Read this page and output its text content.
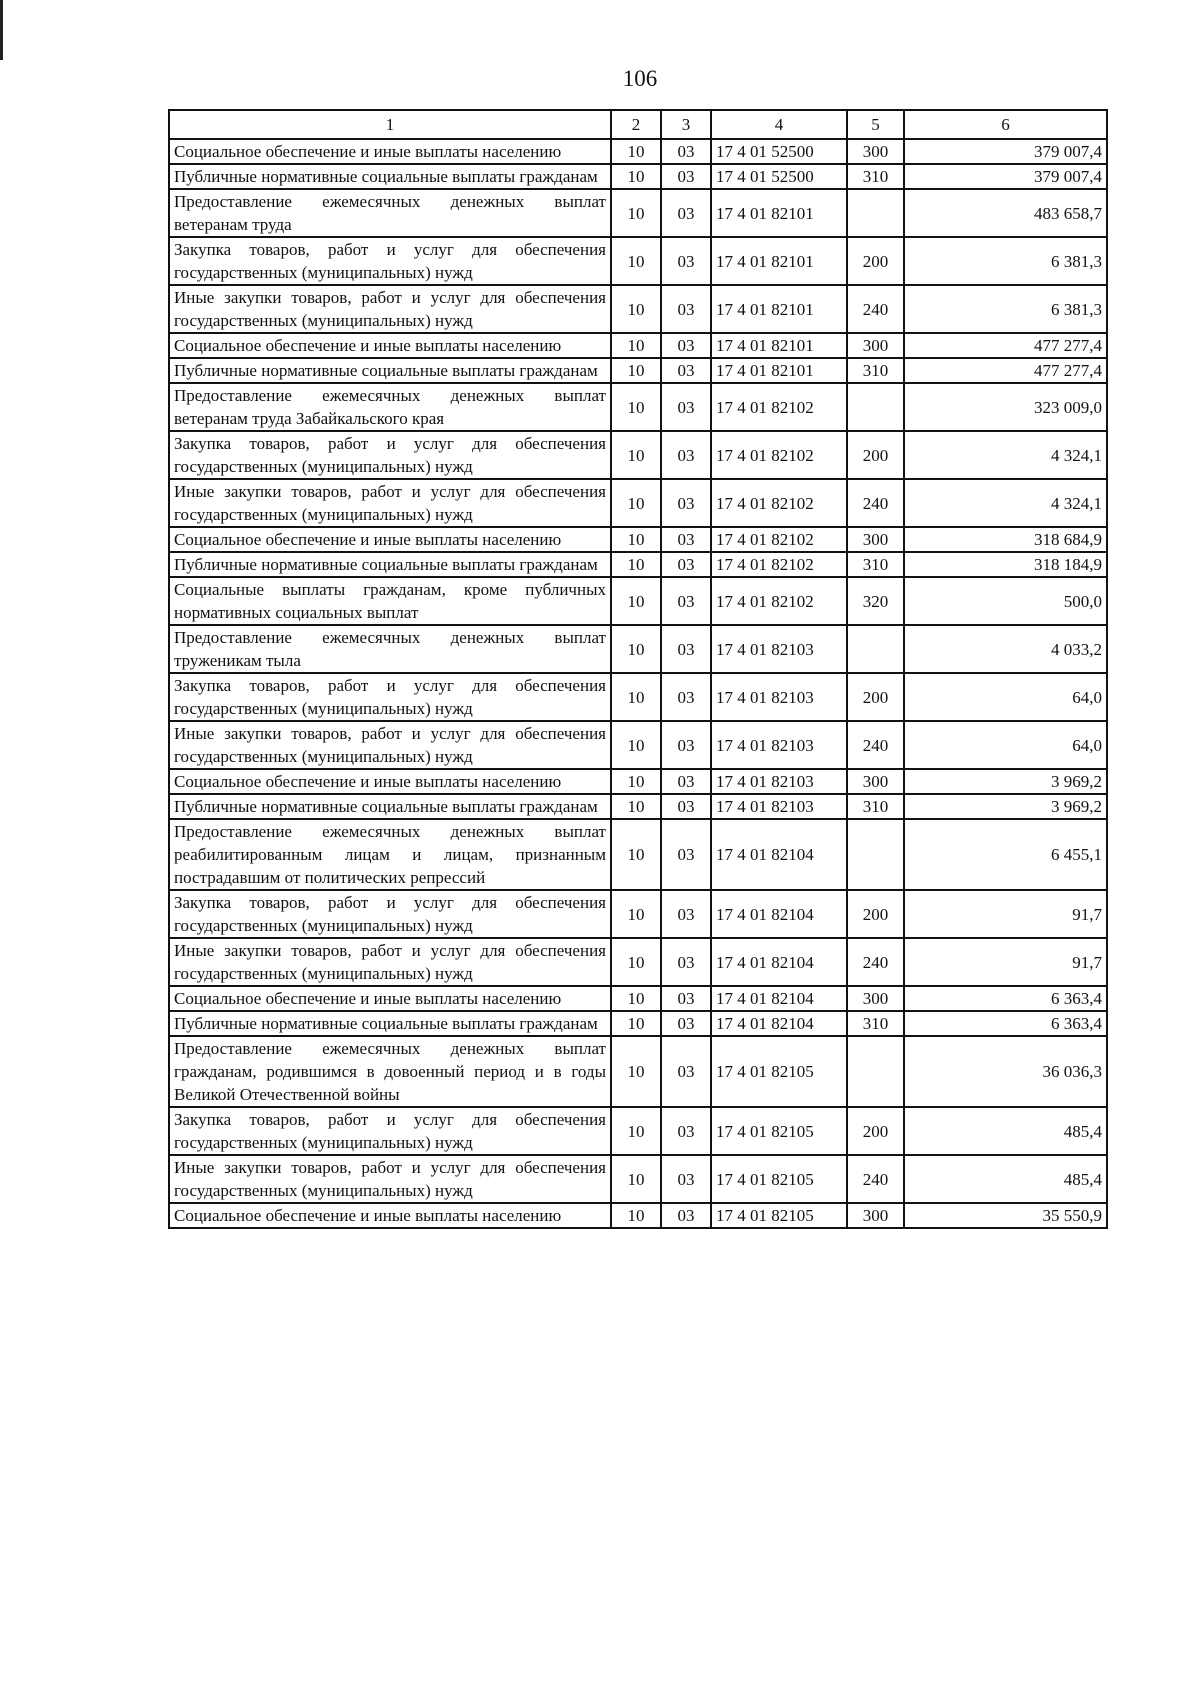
106
1	2	3	4	5	6
Социальное обеспечение и иные выплаты населению	10	03	17 4 01 52500	300	379 007,4
Публичные нормативные социальные выплаты гражданам	10	03	17 4 01 52500	310	379 007,4
Предоставление ежемесячных денежных выплат ветеранам труда	10	03	17 4 01 82101		483 658,7
Закупка товаров, работ и услуг для обеспечения государственных (муниципальных) нужд	10	03	17 4 01 82101	200	6 381,3
Иные закупки товаров, работ и услуг для обеспечения государственных (муниципальных) нужд	10	03	17 4 01 82101	240	6 381,3
Социальное обеспечение и иные выплаты населению	10	03	17 4 01 82101	300	477 277,4
Публичные нормативные социальные выплаты гражданам	10	03	17 4 01 82101	310	477 277,4
Предоставление ежемесячных денежных выплат ветеранам труда Забайкальского края	10	03	17 4 01 82102		323 009,0
Закупка товаров, работ и услуг для обеспечения государственных (муниципальных) нужд	10	03	17 4 01 82102	200	4 324,1
Иные закупки товаров, работ и услуг для обеспечения государственных (муниципальных) нужд	10	03	17 4 01 82102	240	4 324,1
Социальное обеспечение и иные выплаты населению	10	03	17 4 01 82102	300	318 684,9
Публичные нормативные социальные выплаты гражданам	10	03	17 4 01 82102	310	318 184,9
Социальные выплаты гражданам, кроме публичных нормативных социальных выплат	10	03	17 4 01 82102	320	500,0
Предоставление ежемесячных денежных выплат труженикам тыла	10	03	17 4 01 82103		4 033,2
Закупка товаров, работ и услуг для обеспечения государственных (муниципальных) нужд	10	03	17 4 01 82103	200	64,0
Иные закупки товаров, работ и услуг для обеспечения государственных (муниципальных) нужд	10	03	17 4 01 82103	240	64,0
Социальное обеспечение и иные выплаты населению	10	03	17 4 01 82103	300	3 969,2
Публичные нормативные социальные выплаты гражданам	10	03	17 4 01 82103	310	3 969,2
Предоставление ежемесячных денежных выплат реабилитированным лицам и лицам, признанным пострадавшим от политических репрессий	10	03	17 4 01 82104		6 455,1
Закупка товаров, работ и услуг для обеспечения государственных (муниципальных) нужд	10	03	17 4 01 82104	200	91,7
Иные закупки товаров, работ и услуг для обеспечения государственных (муниципальных) нужд	10	03	17 4 01 82104	240	91,7
Социальное обеспечение и иные выплаты населению	10	03	17 4 01 82104	300	6 363,4
Публичные нормативные социальные выплаты гражданам	10	03	17 4 01 82104	310	6 363,4
Предоставление ежемесячных денежных выплат гражданам, родившимся в довоенный период и в годы Великой Отечественной войны	10	03	17 4 01 82105		36 036,3
Закупка товаров, работ и услуг для обеспечения государственных (муниципальных) нужд	10	03	17 4 01 82105	200	485,4
Иные закупки товаров, работ и услуг для обеспечения государственных (муниципальных) нужд	10	03	17 4 01 82105	240	485,4
Социальное обеспечение и иные выплаты населению	10	03	17 4 01 82105	300	35 550,9
